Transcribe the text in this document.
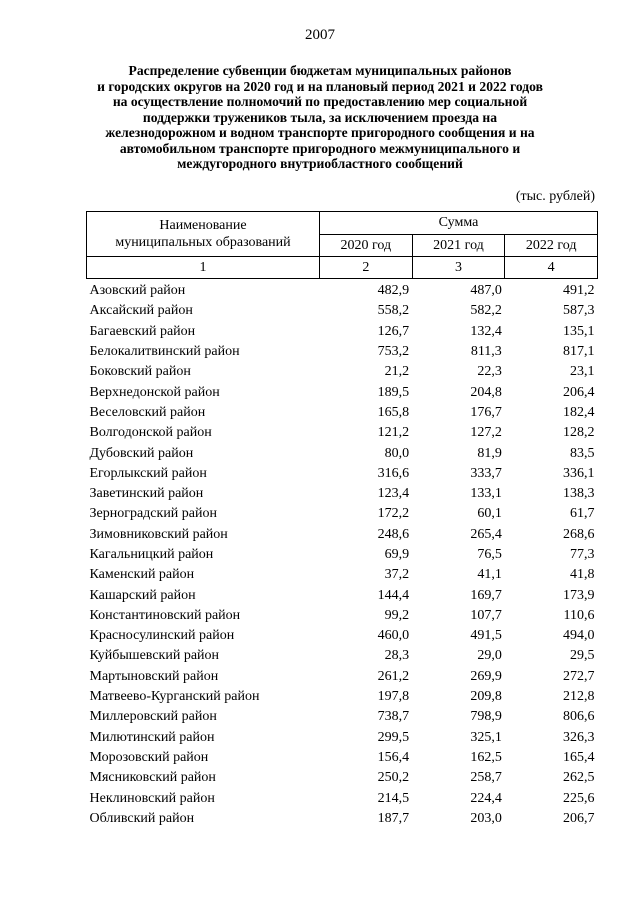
2007
Распределение субвенции бюджетам муниципальных районов
и городских округов на 2020 год и на плановый период 2021 и 2022 годов
на осуществление полномочий по предоставлению мер социальной
поддержки тружеников тыла, за исключением проезда на
железнодорожном и водном транспорте пригородного сообщения и на
автомобильном транспорте пригородного межмуниципального и
междугородного внутриобластного сообщений
(тыс. рублей)
Наименование
муниципальных образований	Сумма		
	2020 год	2021 год	2022 год
1	2	3	4
Азовский район	482,9	487,0	491,2
Аксайский район	558,2	582,2	587,3
Багаевский район	126,7	132,4	135,1
Белокалитвинский район	753,2	811,3	817,1
Боковский район	21,2	22,3	23,1
Верхнедонской район	189,5	204,8	206,4
Веселовский район	165,8	176,7	182,4
Волгодонской район	121,2	127,2	128,2
Дубовский район	80,0	81,9	83,5
Егорлыкский район	316,6	333,7	336,1
Заветинский район	123,4	133,1	138,3
Зерноградский район	172,2	60,1	61,7
Зимовниковский район	248,6	265,4	268,6
Кагальницкий район	69,9	76,5	77,3
Каменский район	37,2	41,1	41,8
Кашарский район	144,4	169,7	173,9
Константиновский район	99,2	107,7	110,6
Красносулинский район	460,0	491,5	494,0
Куйбышевский район	28,3	29,0	29,5
Мартыновский район	261,2	269,9	272,7
Матвеево-Курганский район	197,8	209,8	212,8
Миллеровский район	738,7	798,9	806,6
Милютинский район	299,5	325,1	326,3
Морозовский район	156,4	162,5	165,4
Мясниковский район	250,2	258,7	262,5
Неклиновский район	214,5	224,4	225,6
Обливский район	187,7	203,0	206,7
